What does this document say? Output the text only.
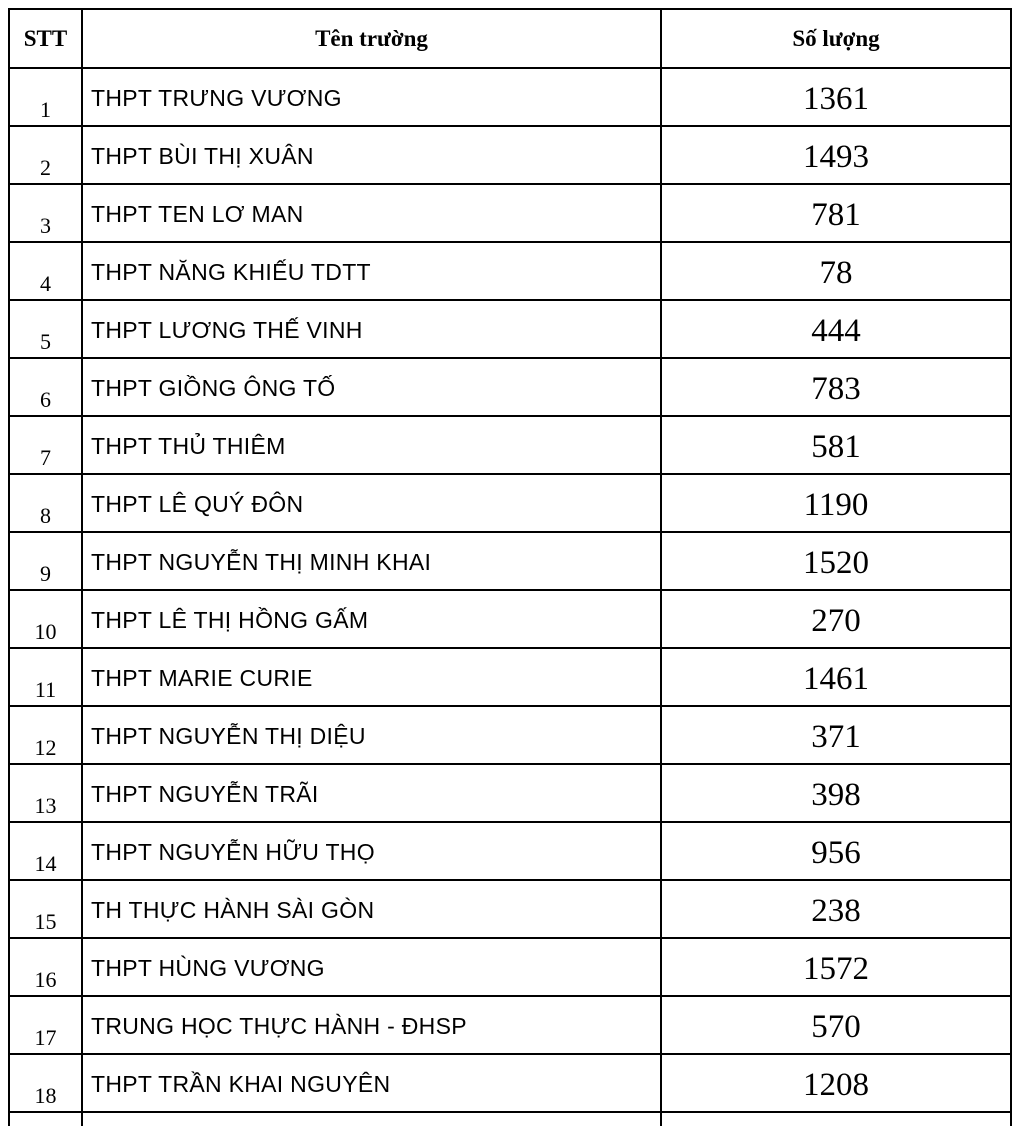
STT	Tên trường	Số lượng
1	THPT TRƯNG VƯƠNG	1361
2	THPT BÙI THỊ XUÂN	1493
3	THPT TEN LƠ MAN	781
4	THPT NĂNG KHIẾU TDTT	78
5	THPT LƯƠNG THẾ VINH	444
6	THPT GIỒNG ÔNG TỐ	783
7	THPT THỦ THIÊM	581
8	THPT LÊ QUÝ ĐÔN	1190
9	THPT NGUYỄN THỊ MINH KHAI	1520
10	THPT LÊ THỊ HỒNG GẤM	270
11	THPT MARIE CURIE	1461
12	THPT NGUYỄN THỊ DIỆU	371
13	THPT NGUYỄN TRÃI	398
14	THPT NGUYỄN HỮU THỌ	956
15	TH THỰC HÀNH SÀI GÒN	238
16	THPT HÙNG VƯƠNG	1572
17	TRUNG HỌC THỰC HÀNH - ĐHSP	570
18	THPT TRẦN KHAI NGUYÊN	1208
